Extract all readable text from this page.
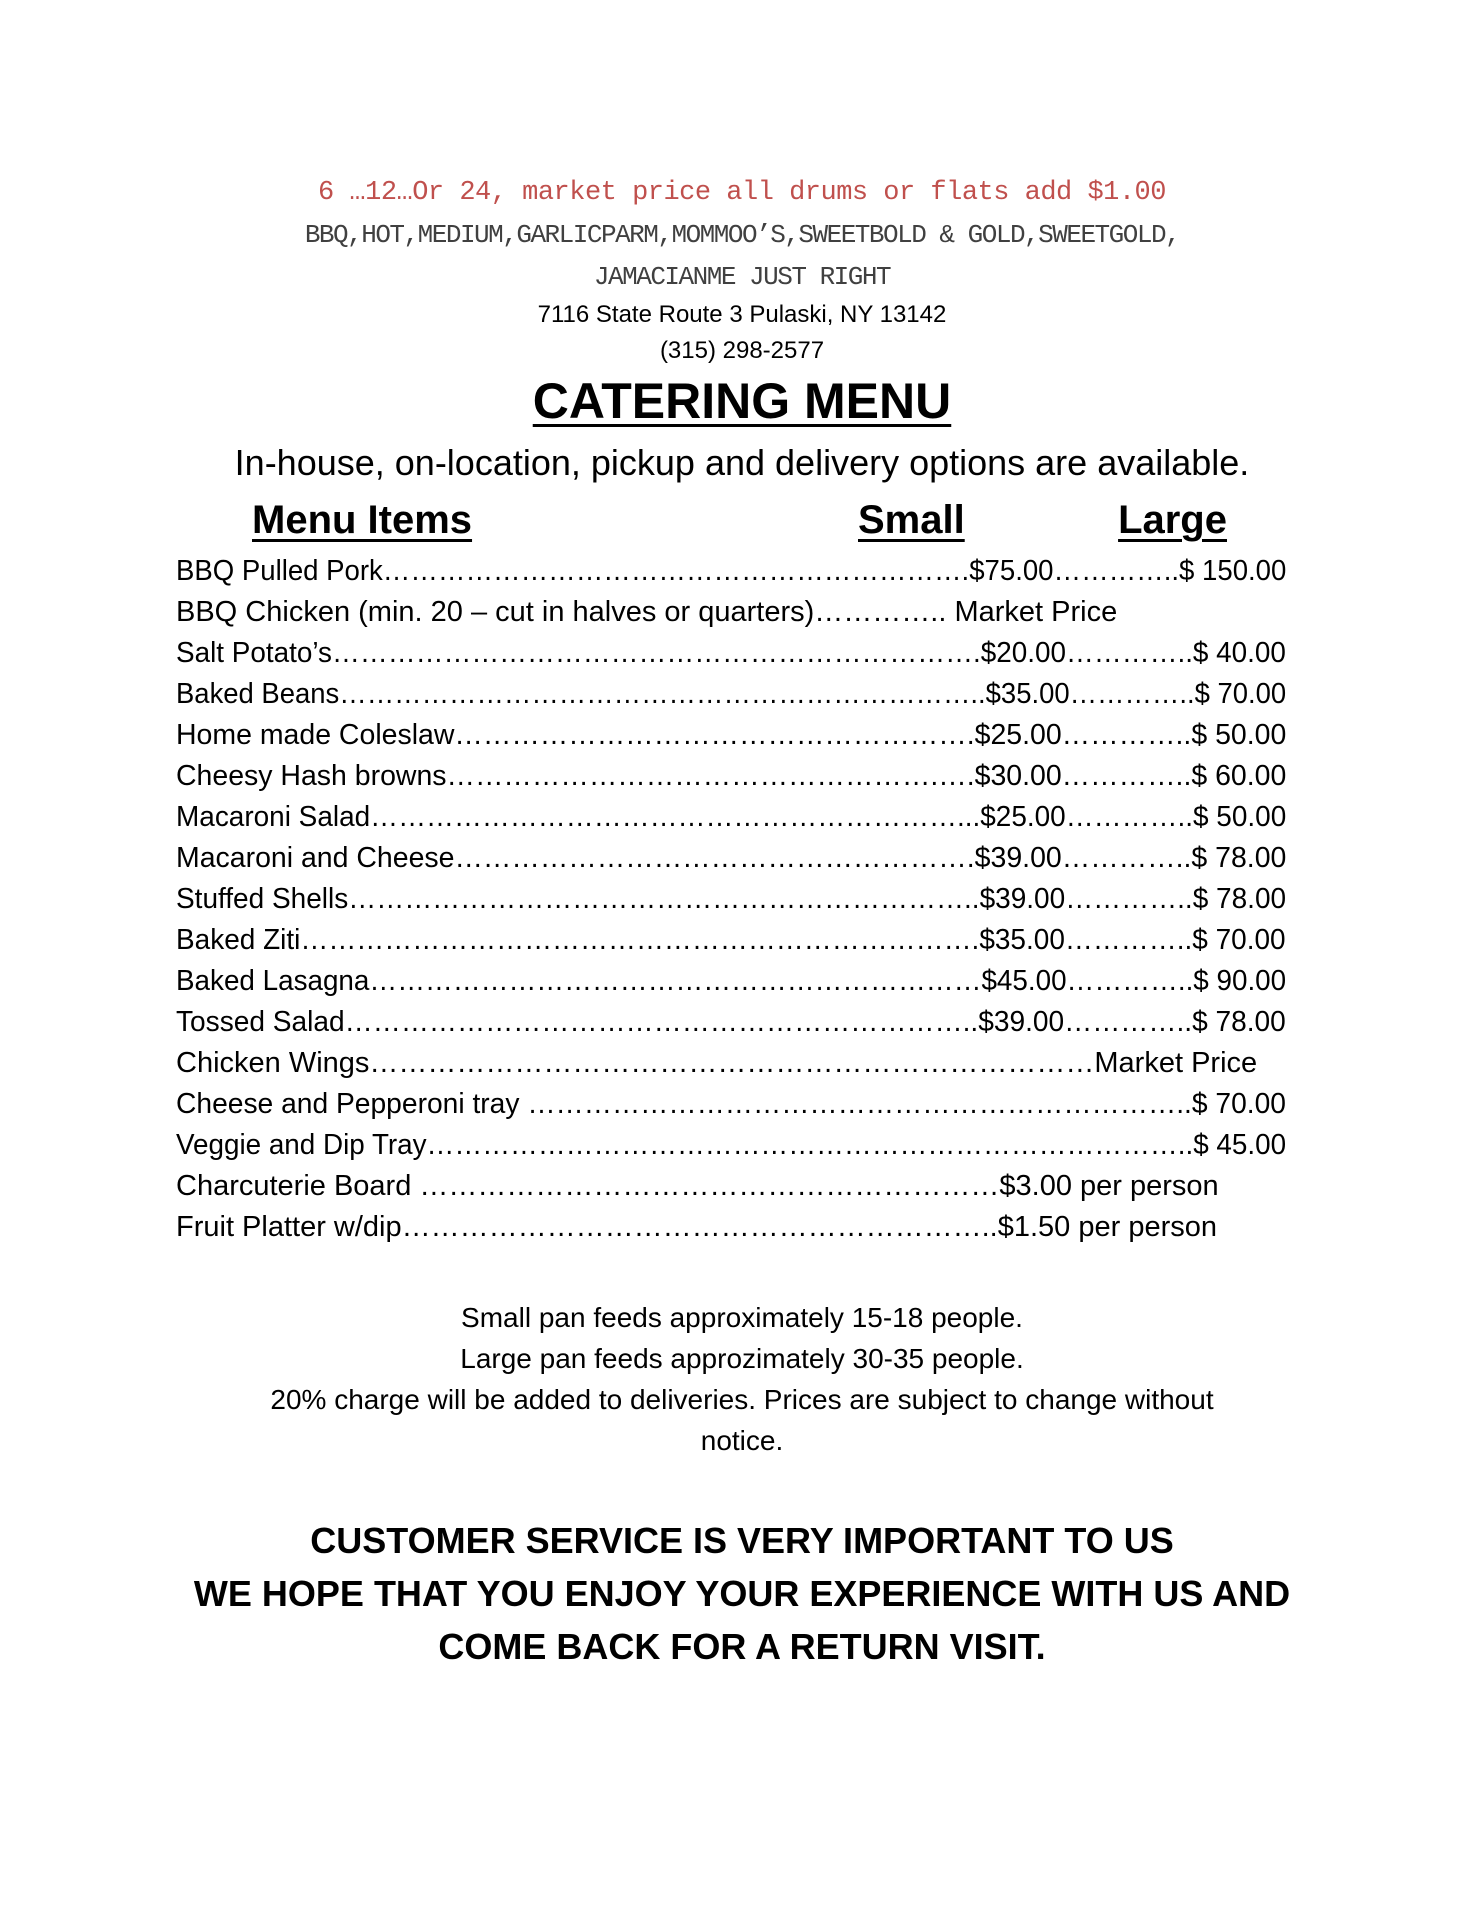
6 …12…Or 24, market price all drums or flats add $1.00
BBQ,HOT,MEDIUM,GARLICPARM,MOMMOO’S,SWEETBOLD & GOLD,SWEETGOLD,
JAMACIANME JUST RIGHT
7116 State Route 3 Pulaski, NY 13142
(315) 298-2577
CATERING MENU
In-house, on-location, pickup and delivery options are available.
Menu Items	Small	Large
BBQ Pulled Pork……………………………………………………….$75.00…………..$ 150.00
BBQ Chicken (min. 20 – cut in halves or quarters)………….. Market Price
Salt Potato’s…………………………………………………………….$20.00…………..$ 40.00
Baked Beans……………………………………………………………..$35.00…………..$ 70.00
Home made Coleslaw……………………………………………….$25.00…………..$ 50.00
Cheesy Hash browns…………………………………………….….$30.00…………..$ 60.00
Macaroni Salad………………………………………………………...$25.00…………..$ 50.00
Macaroni and Cheese……………………………………………….$39.00…………..$ 78.00
Stuffed Shells…………………………………………………………..$39.00…………..$ 78.00
Baked Ziti……………………………………………………………….$35.00…………..$ 70.00
Baked Lasagna…………………………………………………………$45.00…………..$ 90.00
Tossed Salad…………………………………………………………..$39.00…………..$ 78.00
Chicken Wings…………………………………………………………………Market Price
Cheese and Pepperoni tray ……………………………………………………………..$ 70.00
Veggie and Dip Tray………………………………………………………………………..$ 45.00
Charcuterie Board ……………………………………………………$3.00 per person
Fruit Platter w/dip……………………………………………………..$1.50 per person
Small pan feeds approximately 15-18 people.
Large pan feeds approzimately 30-35 people.
20% charge will be added to deliveries. Prices are subject to change without
notice.
CUSTOMER SERVICE IS VERY IMPORTANT TO US
WE HOPE THAT YOU ENJOY YOUR EXPERIENCE WITH US AND
COME BACK FOR A RETURN VISIT.
